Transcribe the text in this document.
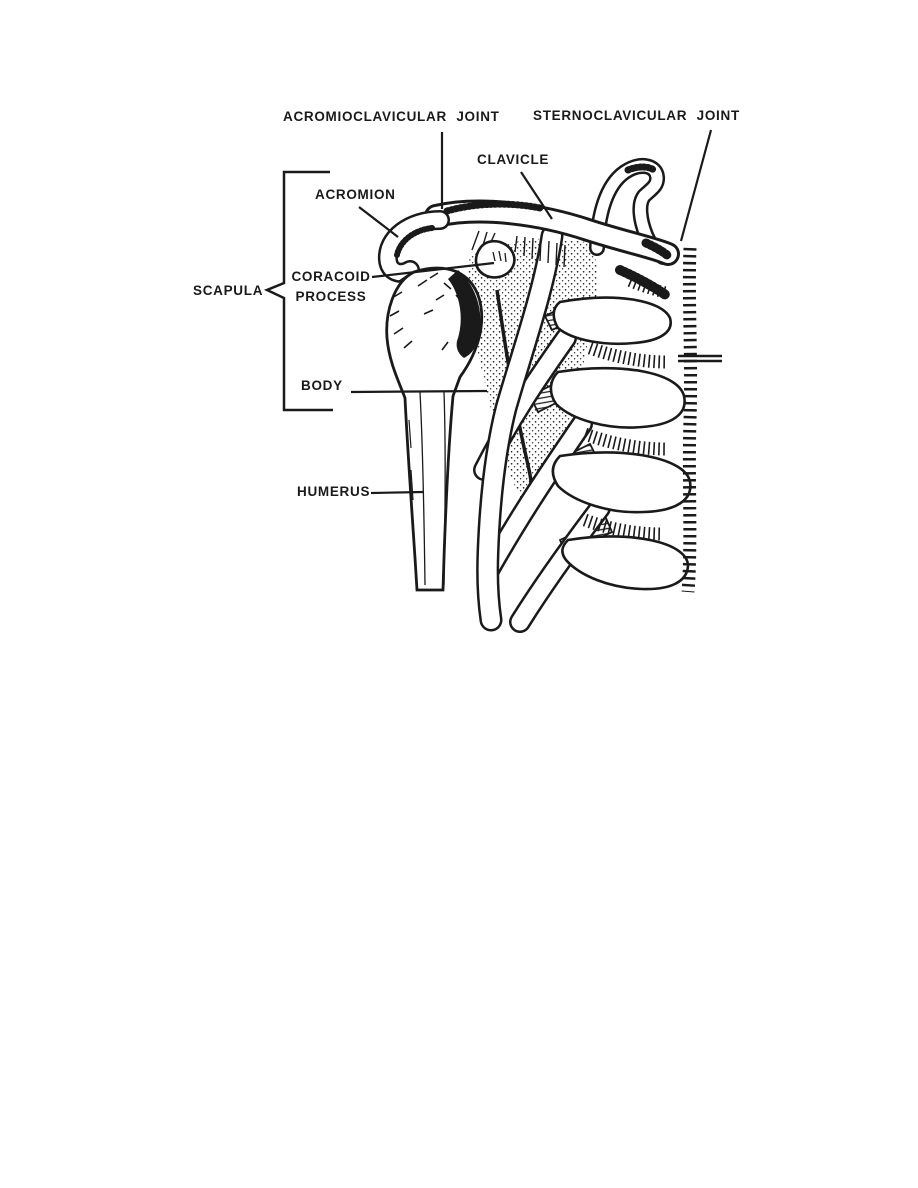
ACROMIOCLAVICULAR JOINT STERNOCLAVICULAR JOINT
CLAVICLE
ACROMION
SCAPULA
CORACOID
PROCESS
BODY
HUMERUS
